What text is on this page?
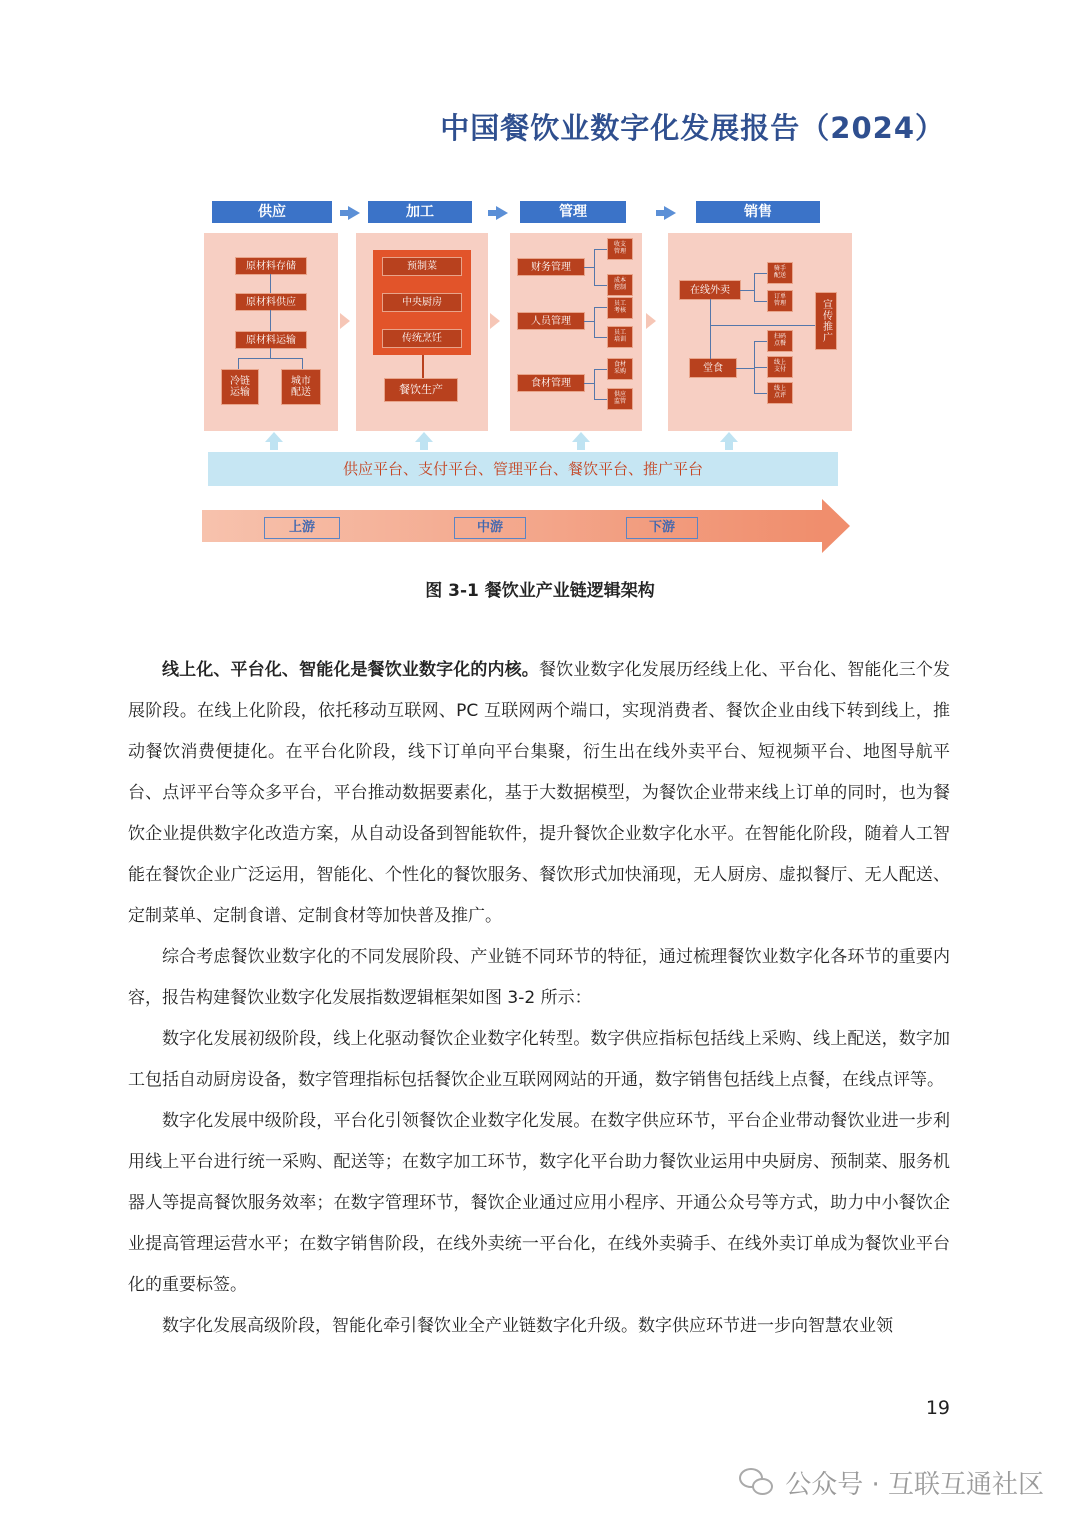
中国餐饮业数字化发展报告（2024）
供应	加工	管理	销售
原材料存储
原材料供应
原材料运输
冷链
运输
城市
配送
预制菜
中央厨房
传统烹饪
餐饮生产
财务管理
人员管理
食材管理
收支
管理
成本
控制
员工
考核
员工
培训
食材
采购
供应
监管
在线外卖
堂食
骑手
配送
订单
管理
扫码
点餐
线上
支付
线上
点评
宣传推广
供应平台、支付平台、管理平台、餐饮平台、推广平台
上游	中游	下游
图 3-1 餐饮业产业链逻辑架构

线上化、平台化、智能化是餐饮业数字化的内核。餐饮业数字化发展历经线上化、平台化、智能化三个发展阶段。在线上化阶段，依托移动互联网、PC 互联网两个端口，实现消费者、餐饮企业由线下转到线上，推动餐饮消费便捷化。在平台化阶段，线下订单向平台集聚，衍生出在线外卖平台、短视频平台、地图导航平台、点评平台等众多平台，平台推动数据要素化，基于大数据模型，为餐饮企业带来线上订单的同时，也为餐饮企业提供数字化改造方案，从自动设备到智能软件，提升餐饮企业数字化水平。在智能化阶段，随着人工智能在餐饮企业广泛运用，智能化、个性化的餐饮服务、餐饮形式加快涌现，无人厨房、虚拟餐厅、无人配送、定制菜单、定制食谱、定制食材等加快普及推广。

综合考虑餐饮业数字化的不同发展阶段、产业链不同环节的特征，通过梳理餐饮业数字化各环节的重要内容，报告构建餐饮业数字化发展指数逻辑框架如图 3-2 所示：

数字化发展初级阶段，线上化驱动餐饮企业数字化转型。数字供应指标包括线上采购、线上配送，数字加工包括自动厨房设备，数字管理指标包括餐饮企业互联网网站的开通，数字销售包括线上点餐，在线点评等。

数字化发展中级阶段，平台化引领餐饮企业数字化发展。在数字供应环节，平台企业带动餐饮业进一步利用线上平台进行统一采购、配送等；在数字加工环节，数字化平台助力餐饮业运用中央厨房、预制菜、服务机器人等提高餐饮服务效率；在数字管理环节，餐饮企业通过应用小程序、开通公众号等方式，助力中小餐饮企业提高管理运营水平；在数字销售阶段，在线外卖统一平台化，在线外卖骑手、在线外卖订单成为餐饮业平台化的重要标签。

数字化发展高级阶段，智能化牵引餐饮业全产业链数字化升级。数字供应环节进一步向智慧农业领

19
公众号 · 互联互通社区
